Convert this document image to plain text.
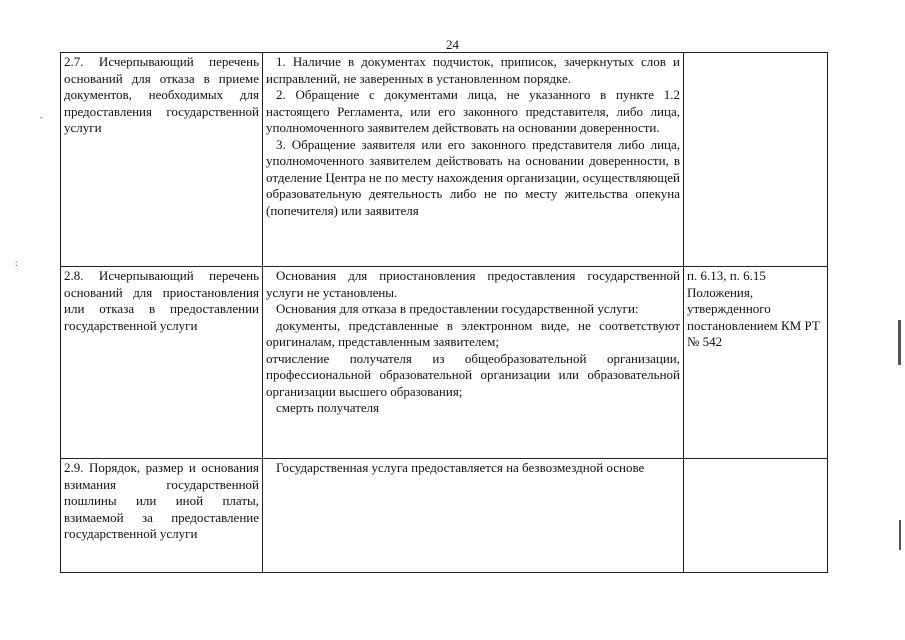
24
2.7. Исчерпывающий перечень оснований для отказа в приеме документов, необходимых для предоставления государственной услуги	1. Наличие в документах подчисток, приписок, зачеркнутых слов и исправлений, не заверенных в установленном порядке.
2. Обращение с документами лица, не указанного в пункте 1.2 настоящего Регламента, или его законного представителя, либо лица, уполномоченного заявителем действовать на основании доверенности.
3. Обращение заявителя или его законного представителя либо лица, уполномоченного заявителем действовать на основании доверенности, в отделение Центра не по месту нахождения организации, осуществляющей образовательную деятельность либо не по месту жительства опекуна (попечителя) или заявителя	

2.8. Исчерпывающий перечень оснований для приостановления или отказа в предоставлении государственной услуги	Основания для приостановления предоставления государственной услуги не установлены.
Основания для отказа в предоставлении государственной услуги:
документы, представленные в электронном виде, не соответствуют оригиналам, представленным заявителем;
отчисление получателя из общеобразовательной организации, профессиональной образовательной организации или образовательной организации высшего образования;
смерть получателя	п. 6.13, п. 6.15 Положения, утвержденного постановлением КМ РТ № 542
2.9. Порядок, размер и основания взимания государственной пошлины или иной платы, взимаемой за предоставление государственной услуги	Государственная услуга предоставляется на безвозмездной основе	

-
:
